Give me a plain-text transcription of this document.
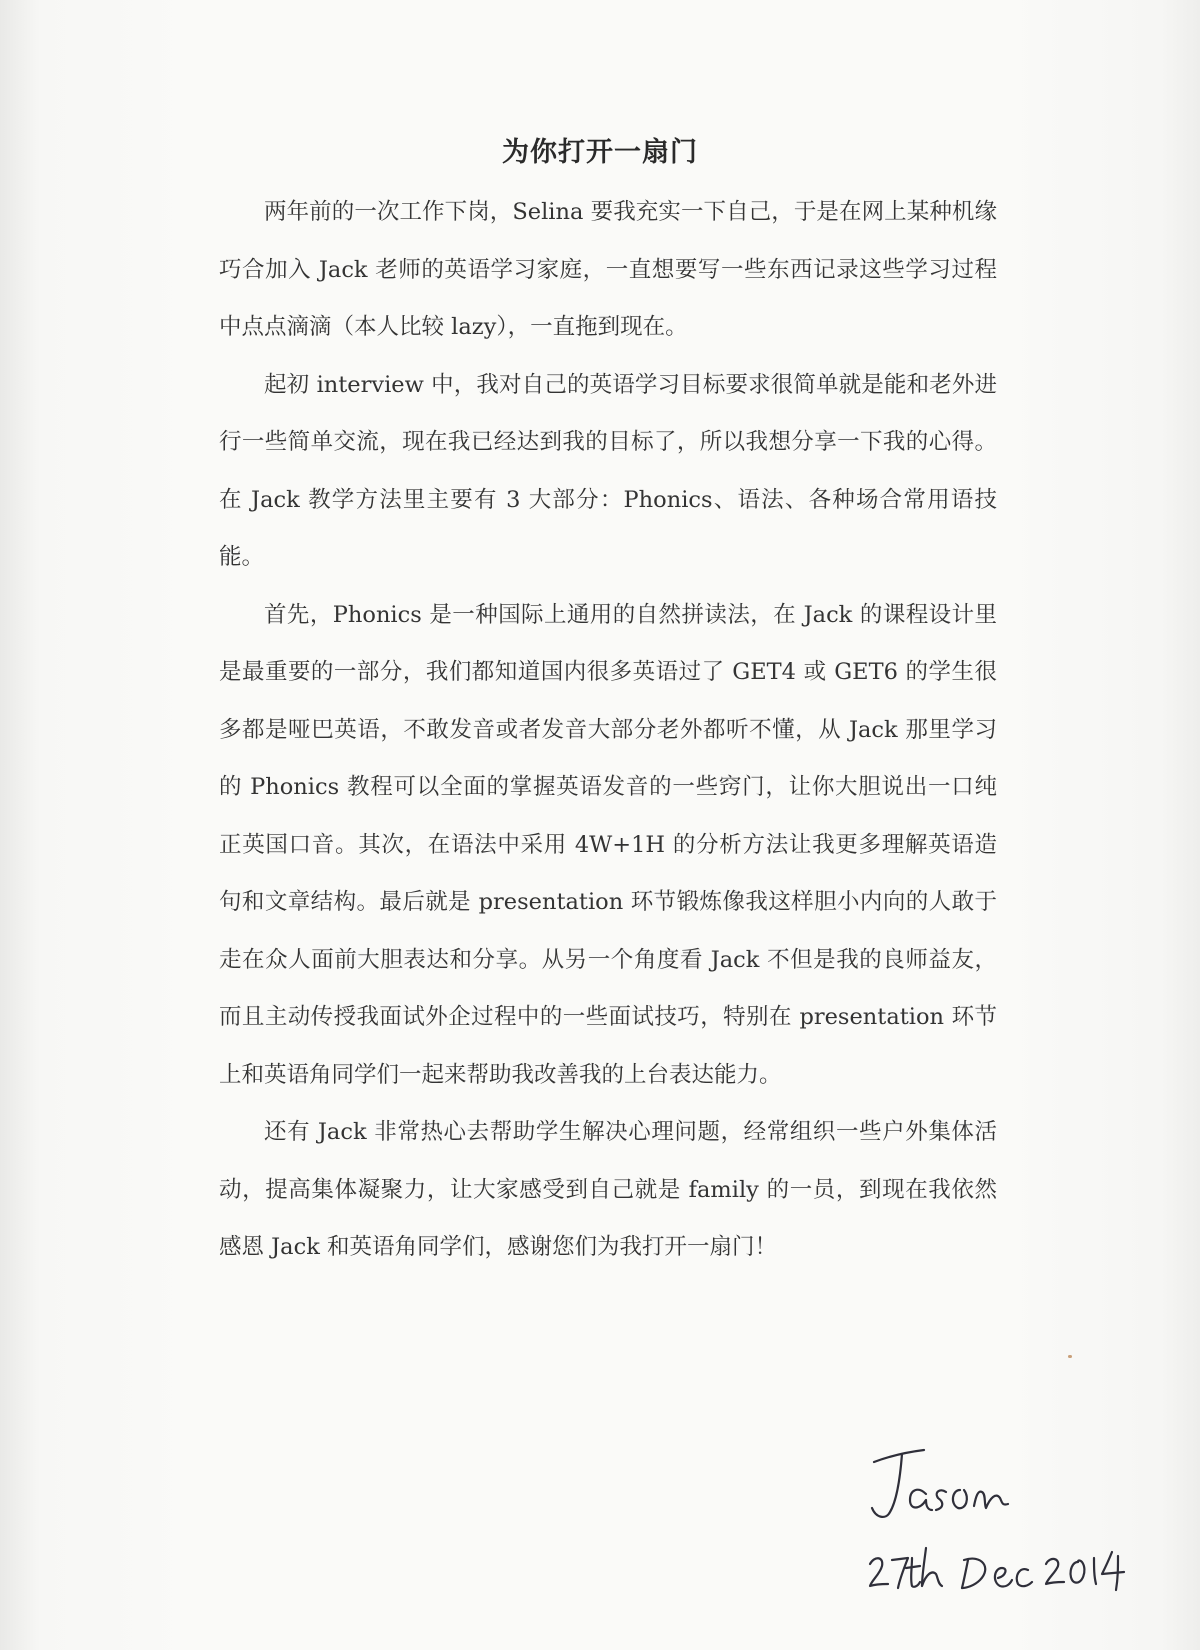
为你打开一扇门

两年前的一次工作下岗，Selina 要我充实一下自己，于是在网上某种机缘巧合加入 Jack 老师的英语学习家庭，一直想要写一些东西记录这些学习过程中点点滴滴（本人比较 lazy），一直拖到现在。

起初 interview 中，我对自己的英语学习目标要求很简单就是能和老外进行一些简单交流，现在我已经达到我的目标了，所以我想分享一下我的心得。在 Jack 教学方法里主要有 3 大部分：Phonics、语法、各种场合常用语技能。

首先，Phonics 是一种国际上通用的自然拼读法，在 Jack 的课程设计里是最重要的一部分，我们都知道国内很多英语过了 GET4 或 GET6 的学生很多都是哑巴英语，不敢发音或者发音大部分老外都听不懂，从 Jack 那里学习的 Phonics 教程可以全面的掌握英语发音的一些窍门，让你大胆说出一口纯正英国口音。其次，在语法中采用 4W+1H 的分析方法让我更多理解英语造句和文章结构。最后就是 presentation 环节锻炼像我这样胆小内向的人敢于走在众人面前大胆表达和分享。从另一个角度看 Jack 不但是我的良师益友，而且主动传授我面试外企过程中的一些面试技巧，特别在 presentation 环节上和英语角同学们一起来帮助我改善我的上台表达能力。

还有 Jack 非常热心去帮助学生解决心理问题，经常组织一些户外集体活动，提高集体凝聚力，让大家感受到自己就是 family 的一员，到现在我依然感恩 Jack 和英语角同学们，感谢您们为我打开一扇门！
